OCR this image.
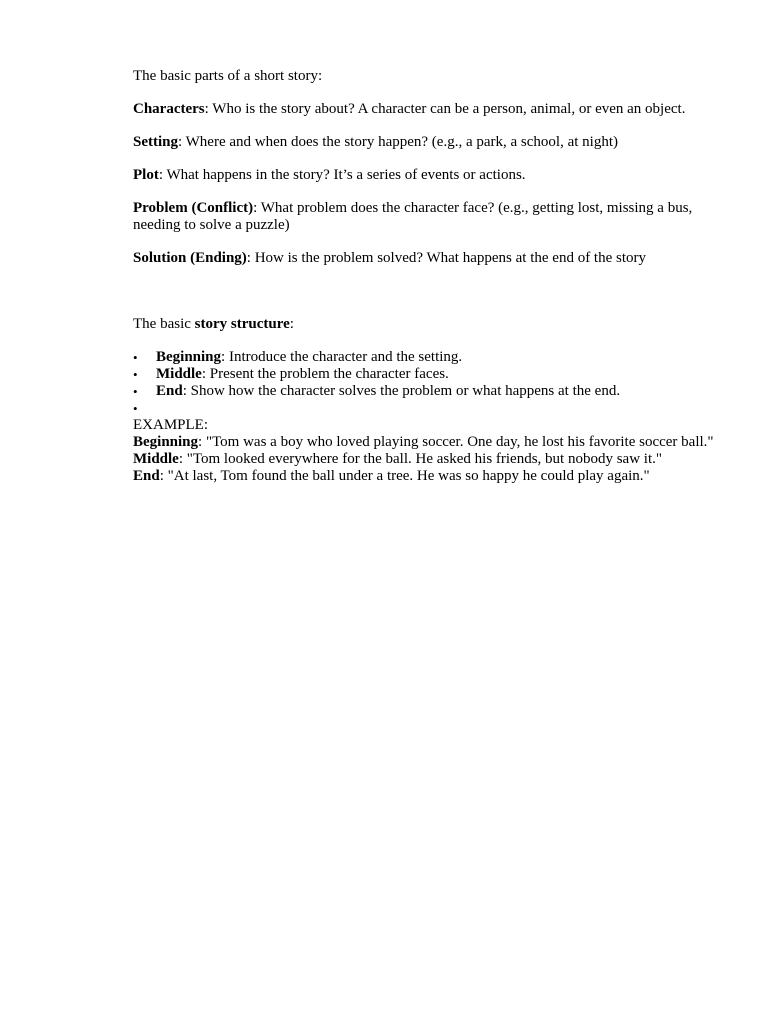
The basic parts of a short story:

Characters: Who is the story about? A character can be a person, animal, or even an object.

Setting: Where and when does the story happen? (e.g., a park, a school, at night)

Plot: What happens in the story? It’s a series of events or actions.

Problem (Conflict): What problem does the character face? (e.g., getting lost, missing a bus, needing to solve a puzzle)

Solution (Ending): How is the problem solved? What happens at the end of the story

The basic story structure:

• Beginning: Introduce the character and the setting.
• Middle: Present the problem the character faces.
• End: Show how the character solves the problem or what happens at the end.
•

EXAMPLE:

Beginning: "Tom was a boy who loved playing soccer. One day, he lost his favorite soccer ball."

Middle: "Tom looked everywhere for the ball. He asked his friends, but nobody saw it."

End: "At last, Tom found the ball under a tree. He was so happy he could play again."
